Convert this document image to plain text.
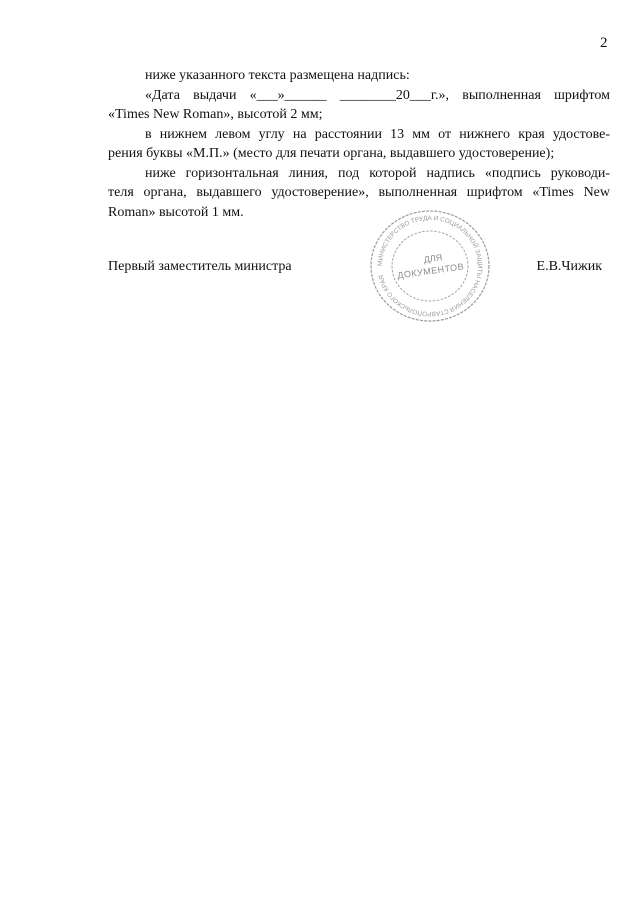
2
ниже указанного текста размещена надпись:
«Дата выдачи «___»______ ________20___г.», выполненная шрифтом
«Times New Roman», высотой 2 мм;
в нижнем левом углу на расстоянии 13 мм от нижнего края удостове-
рения буквы «М.П.» (место для печати органа, выдавшего удостоверение);
ниже горизонтальная линия, под которой надпись «подпись руководи-
теля органа, выдавшего удостоверение», выполненная шрифтом «Times New
Roman» высотой 1 мм.
Первый заместитель министра	Е.В.Чижик
МИНИСТЕРСТВО ТРУДА И СОЦИАЛЬНОЙ ЗАЩИТЫ НАСЕЛЕНИЯ СТАВРОПОЛЬСКОГО КРАЯ
ДЛЯ
ДОКУМЕНТОВ
